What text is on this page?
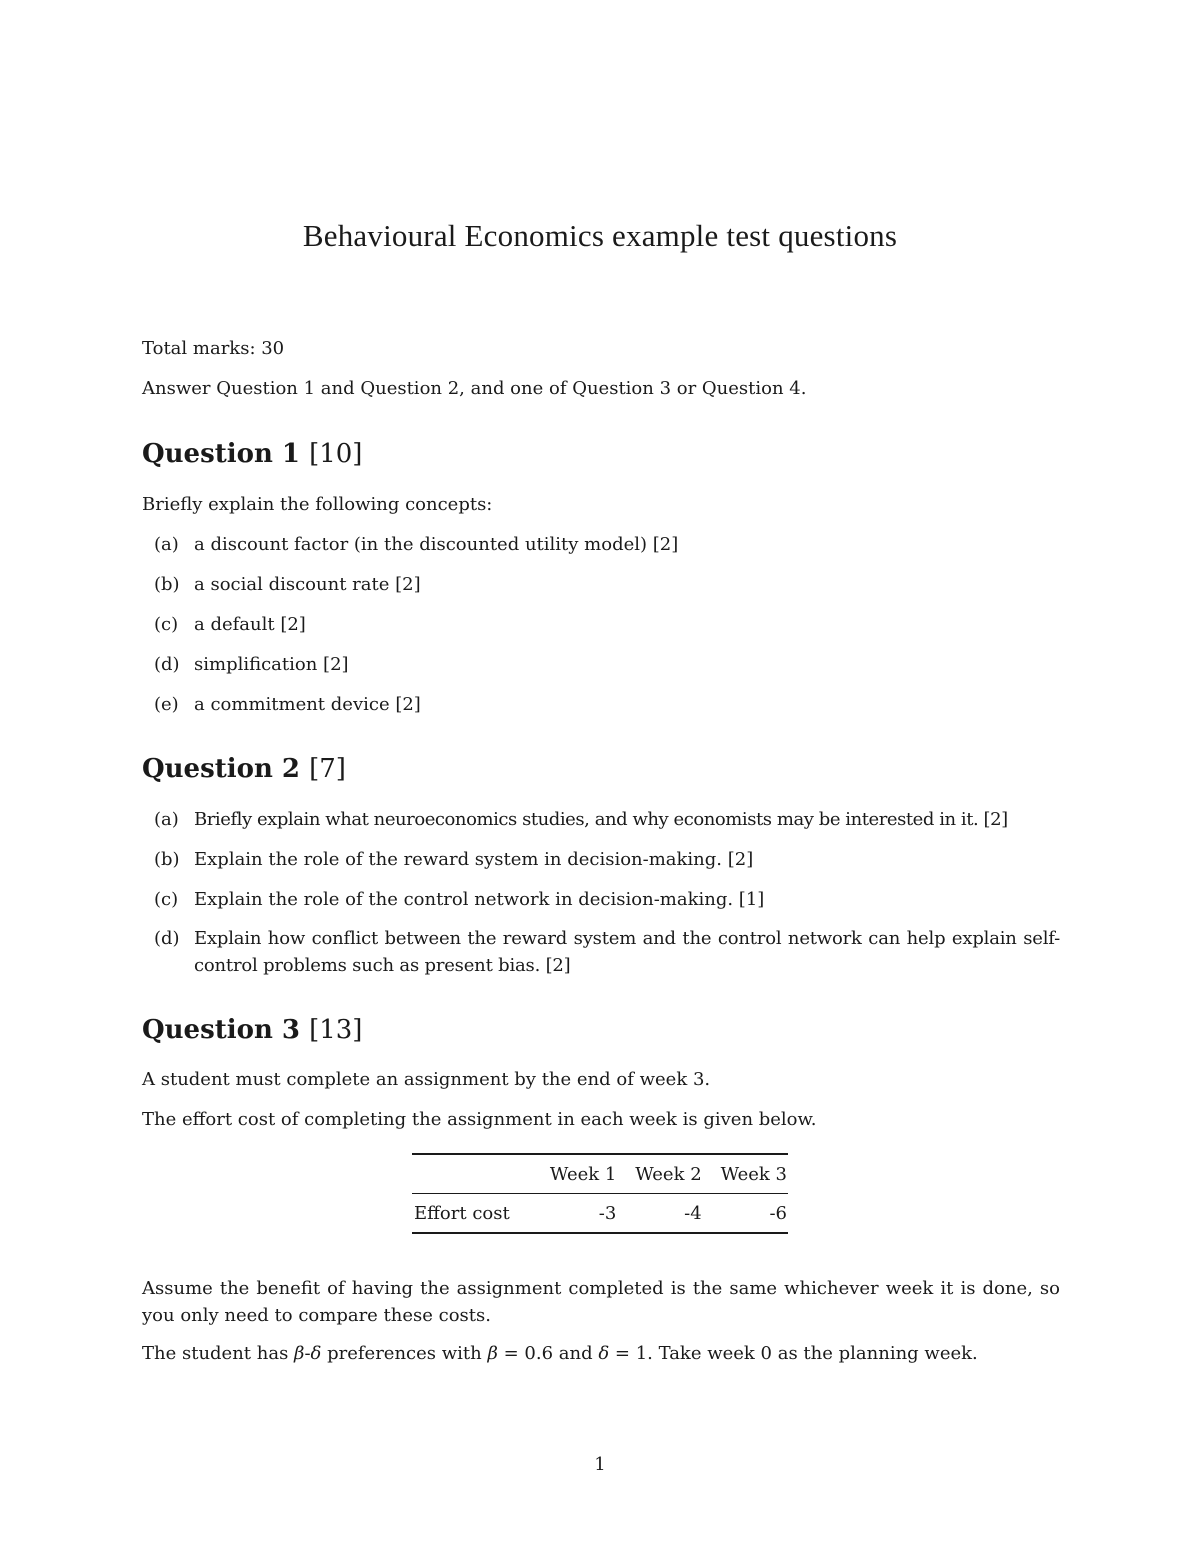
Behavioural Economics example test questions

Total marks: 30

Answer Question 1 and Question 2, and one of Question 3 or Question 4.

Question 1 [10]

Briefly explain the following concepts:

(a) a discount factor (in the discounted utility model) [2]
(b) a social discount rate [2]
(c) a default [2]
(d) simplification [2]
(e) a commitment device [2]
Question 2 [7]
(a) Briefly explain what neuroeconomics studies, and why economists may be interested in it. [2]
(b) Explain the role of the reward system in decision-making. [2]
(c) Explain the role of the control network in decision-making. [1]
(d) Explain how conflict between the reward system and the control network can help explain self-control problems such as present bias. [2]
Question 3 [13]

A student must complete an assignment by the end of week 3.

The effort cost of completing the assignment in each week is given below.

	Week 1	Week 2	Week 3
Effort cost	-3	-4	-6

Assume the benefit of having the assignment completed is the same whichever week it is done, so you only need to compare these costs.

The student has β-δ preferences with β = 0.6 and δ = 1. Take week 0 as the planning week.

1
